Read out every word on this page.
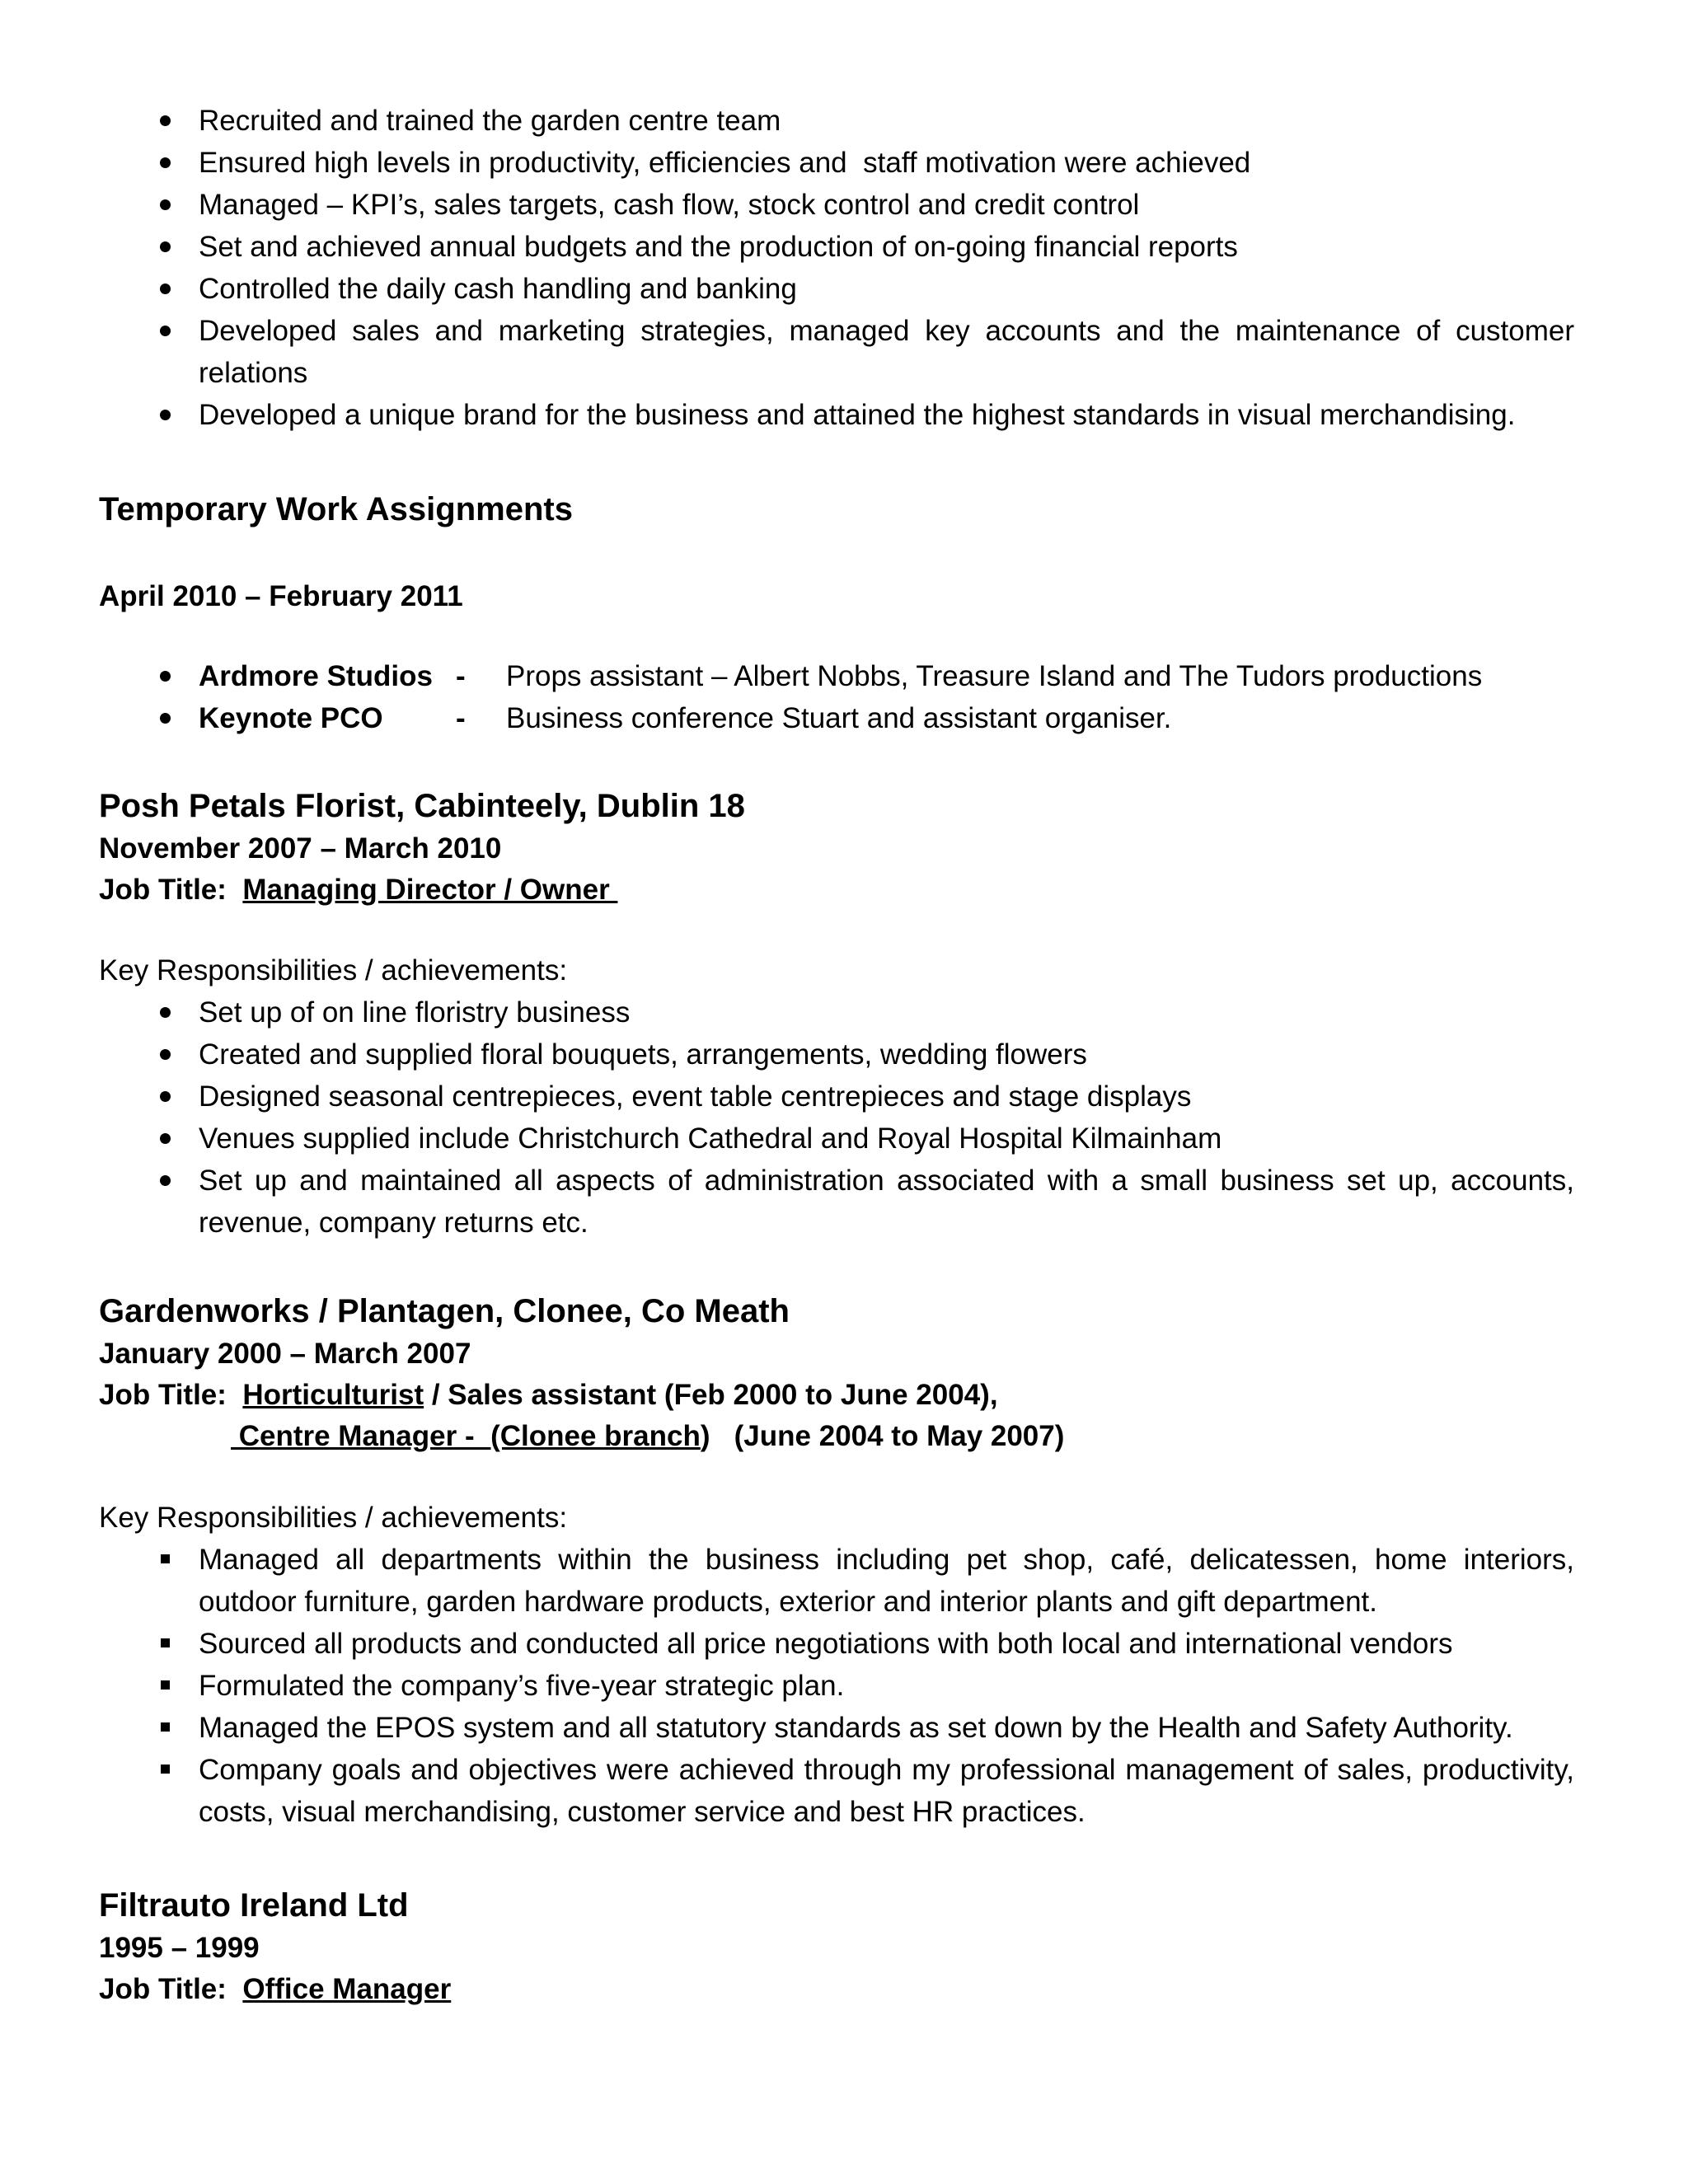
Recruited and trained the garden centre team
Ensured high levels in productivity, efficiencies and  staff motivation were achieved
Managed – KPI’s, sales targets, cash flow, stock control and credit control
Set and achieved annual budgets and the production of on-going financial reports
Controlled the daily cash handling and banking
Developed sales and marketing strategies, managed key accounts and the maintenance of customer relations
Developed a unique brand for the business and attained the highest standards in visual merchandising.
Temporary Work Assignments
April 2010 – February 2011
Ardmore Studios - Props assistant – Albert Nobbs, Treasure Island and The Tudors productions
Keynote PCO	- Business conference Stuart and assistant organiser.
Posh Petals Florist, Cabinteely, Dublin 18
November 2007 – March 2010
Job Title:  Managing Director / Owner
Key Responsibilities / achievements:
Set up of on line floristry business
Created and supplied floral bouquets, arrangements, wedding flowers
Designed seasonal centrepieces, event table centrepieces and stage displays
Venues supplied include Christchurch Cathedral and Royal Hospital Kilmainham
Set up and maintained all aspects of administration associated with a small business set up, accounts, revenue, company returns etc.
Gardenworks / Plantagen, Clonee, Co Meath
January 2000 – March 2007
Job Title:  Horticulturist / Sales assistant (Feb 2000 to June 2004),
Centre Manager -  (Clonee branch)   (June 2004 to May 2007)
Key Responsibilities / achievements:
Managed all departments within the business including pet shop, café, delicatessen, home interiors, outdoor furniture, garden hardware products, exterior and interior plants and gift department.
Sourced all products and conducted all price negotiations with both local and international vendors
Formulated the company’s five-year strategic plan.
Managed the EPOS system and all statutory standards as set down by the Health and Safety Authority.
Company goals and objectives were achieved through my professional management of sales, productivity, costs, visual merchandising, customer service and best HR practices.
Filtrauto Ireland Ltd
1995 – 1999
Job Title:  Office Manager
